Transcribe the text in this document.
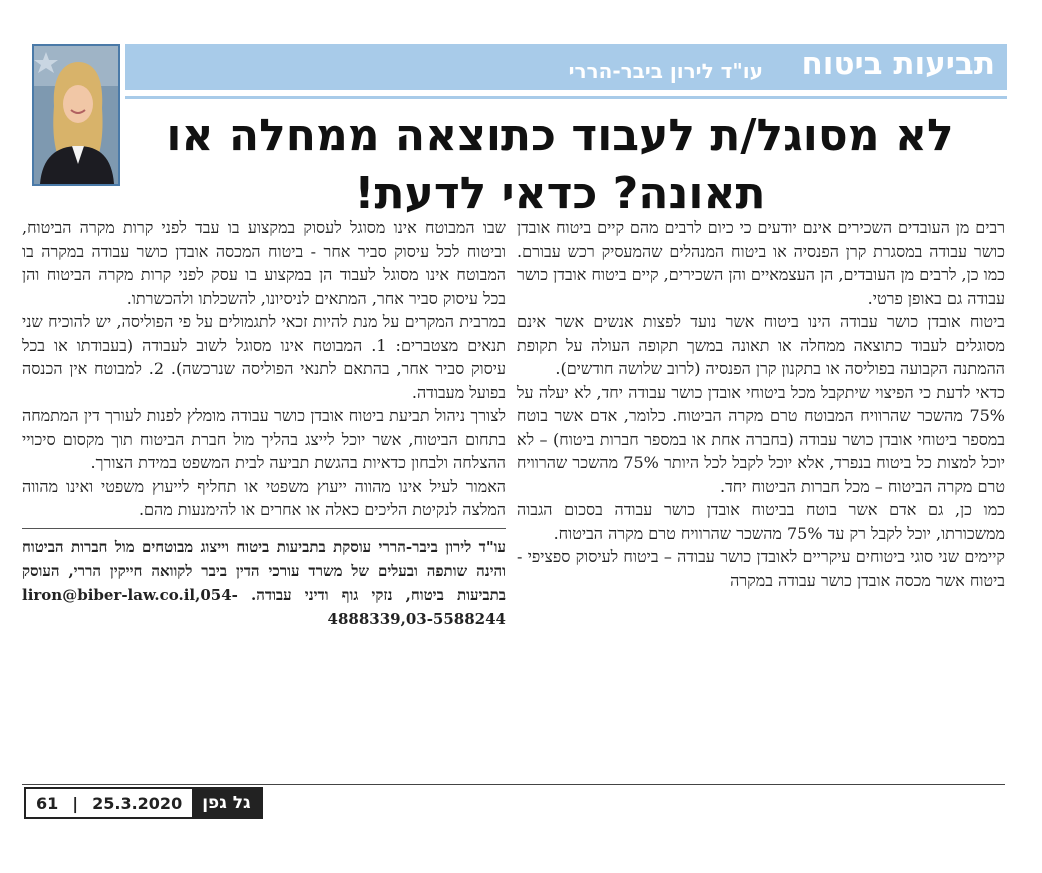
תביעות ביטוח
עו"ד לירון ביבר-הררי
לא מסוגל/ת לעבוד כתוצאה ממחלה או
תאונה? כדאי לדעת!

רבים מן העובדים השכירים אינם יודעים כי כיום לרבים מהם קיים ביטוח אובדן כושר עבודה במסגרת קרן הפנסיה או ביטוח המנהלים שהמעסיק רכש עבורם. כמו כן, לרבים מן העובדים, הן העצמאיים והן השכירים, קיים ביטוח אובדן כושר עבודה גם באופן פרטי.

ביטוח אובדן כושר עבודה הינו ביטוח אשר נועד לפצות אנשים אשר אינם מסוגלים לעבוד כתוצאה ממחלה או תאונה במשך תקופה העולה על תקופת ההמתנה הקבועה בפוליסה או בתקנון קרן הפנסיה (לרוב שלושה חודשים).

כדאי לדעת כי הפיצוי שיתקבל מכל ביטוחי אובדן כושר עבודה יחד, לא יעלה על 75% מהשכר שהרוויח המבוטח טרם מקרה הביטוח. כלומר, אדם אשר בוטח במספר ביטוחי אובדן כושר עבודה (בחברה אחת או במספר חברות ביטוח) – לא יוכל למצות כל ביטוח בנפרד, אלא יוכל לקבל לכל היותר 75% מהשכר שהרוויח טרם מקרה הביטוח – מכל חברות הביטוח יחד.

כמו כן, גם אדם אשר בוטח בביטוח אובדן כושר עבודה בסכום הגבוה ממשכורתו, יוכל לקבל רק עד 75% מהשכר שהרוויח טרם מקרה הביטוח.

קיימים שני סוגי ביטוחים עיקריים לאובדן כושר עבודה – ביטוח לעיסוק ספציפי - ביטוח אשר מכסה אובדן כושר עבודה במקרה

שבו המבוטח אינו מסוגל לעסוק במקצוע בו עבד לפני קרות מקרה הביטוח, וביטוח לכל עיסוק סביר אחר - ביטוח המכסה אובדן כושר עבודה במקרה בו המבוטח אינו מסוגל לעבוד הן במקצוע בו עסק לפני קרות מקרה הביטוח והן בכל עיסוק סביר אחר, המתאים לניסיונו, להשכלתו ולהכשרתו.

במרבית המקרים על מנת להיות זכאי לתגמולים על פי הפוליסה, יש להוכיח שני תנאים מצטברים: 1. המבוטח אינו מסוגל לשוב לעבודה (בעבודתו או בכל עיסוק סביר אחר, בהתאם לתנאי הפוליסה שנרכשה). 2. למבוטח אין הכנסה בפועל מעבודה.

לצורך ניהול תביעת ביטוח אובדן כושר עבודה מומלץ לפנות לעורך דין המתמחה בתחום הביטוח, אשר יוכל לייצג בהליך מול חברת הביטוח תוך מקסום סיכויי ההצלחה ולבחון כדאיות בהגשת תביעה לבית המשפט במידת הצורך.

האמור לעיל אינו מהווה ייעוץ משפטי או תחליף לייעוץ משפטי ואינו מהווה המלצה לנקיטת הליכים כאלה או אחרים או להימנעות מהם.

עו"ד לירון ביבר-הררי עוסקת בתביעות ביטוח וייצוג מבוטחים מול חברות הביטוח והינה שותפה ובעלים של משרד עורכי הדין ביבר לקוואה חייקין הררי, העוסק בתביעות ביטוח, נזקי גוף ודיני עבודה. liron@biber-law.co.il,054-4888339,03-5588244

61 | 25.3.2020	גל גפן
